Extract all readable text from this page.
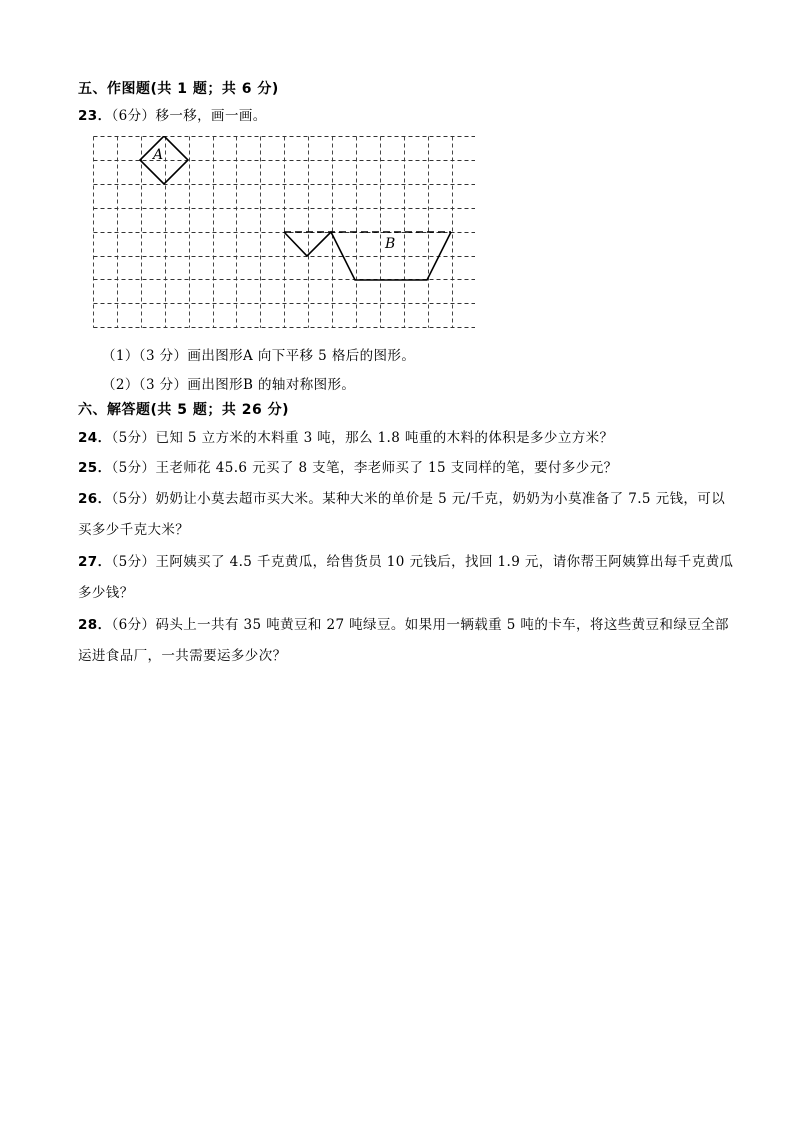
五、作图题(共 1 题；共 6 分)
23．（6分）移一移，画一画。
A
B
（1）（3 分）画出图形A 向下平移 5 格后的图形。
（2）（3 分）画出图形B 的轴对称图形。
六、解答题(共 5 题；共 26 分)
24．（5分）已知 5 立方米的木料重 3 吨，那么 1.8 吨重的木料的体积是多少立方米？
25．（5分）王老师花 45.6 元买了 8 支笔，李老师买了 15 支同样的笔，要付多少元？
26．（5分）奶奶让小莫去超市买大米。某种大米的单价是 5 元/千克，奶奶为小莫准备了 7.5 元钱，可以
买多少千克大米？
27．（5分）王阿姨买了 4.5 千克黄瓜，给售货员 10 元钱后，找回 1.9 元，请你帮王阿姨算出每千克黄瓜
多少钱？
28．（6分）码头上一共有 35 吨黄豆和 27 吨绿豆。如果用一辆载重 5 吨的卡车，将这些黄豆和绿豆全部
运进食品厂，一共需要运多少次？
